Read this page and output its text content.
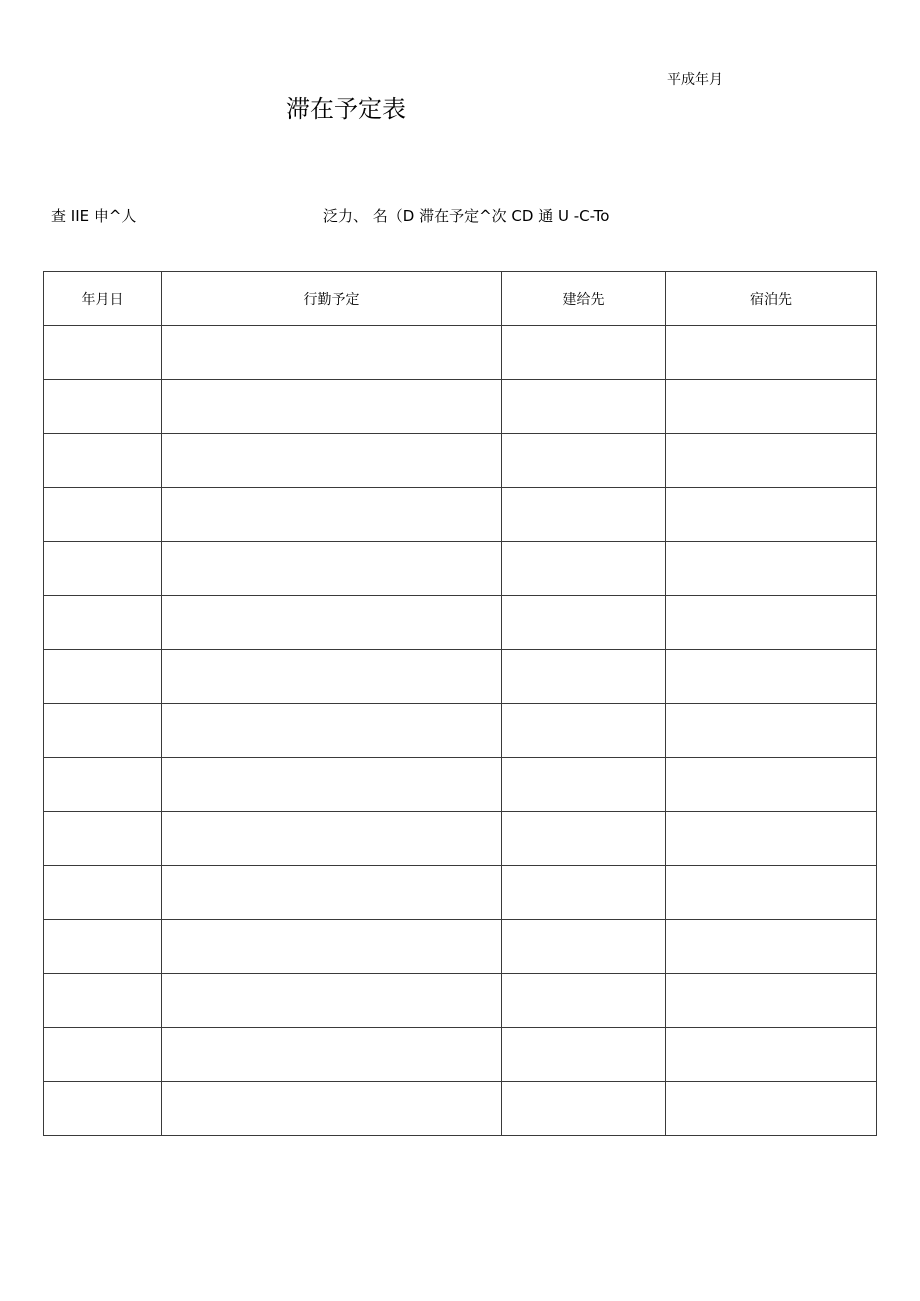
平成年月
滞在予定表
查 IIE 申^人	泛力、 名（D 滞在予定^次 CD 通 U -C-To
年月日	行勤予定	建给先	宿泊先
